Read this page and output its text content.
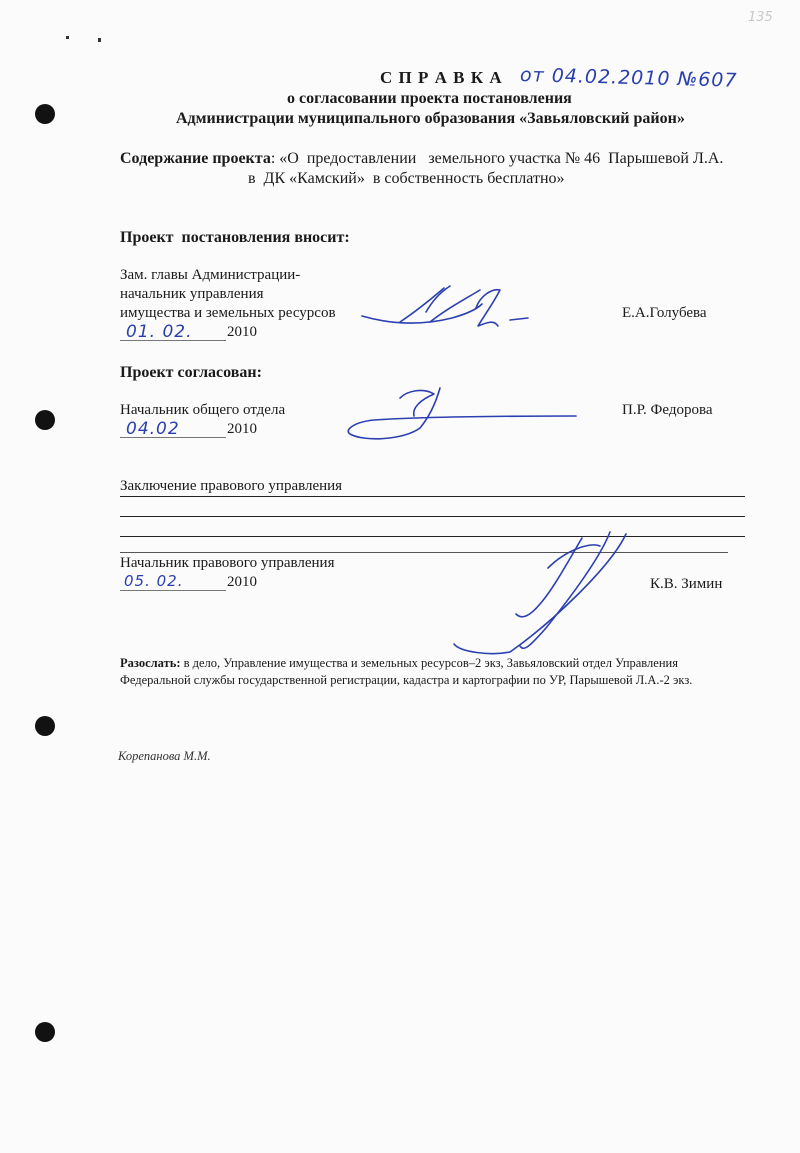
135
С П Р А В К А от 04.02.2010 №607
о согласовании проекта постановления
Администрации муниципального образования «Завьяловский район»
Содержание проекта: «О  предоставлении   земельного участка № 46  Парышевой Л.А.
в  ДК «Камский»  в собственность бесплатно»
Проект  постановления вносит:
Зам. главы Администрации-
начальник управления
имущества и земельных ресурсов
01. 02. 2010
Е.А.Голубева
Проект согласован:
Начальник общего отдела
04.02	2010
П.Р. Федорова
Заключение правового управления
Начальник правового управления
05. 02.	2010	К.В. Зимин
Разослать: в дело, Управление имущества и земельных ресурсов–2 экз, Завьяловский отдел Управления
Федеральной службы государственной регистрации, кадастра и картографии по УР, Парышевой Л.А.-2 экз.
Корепанова М.М.
